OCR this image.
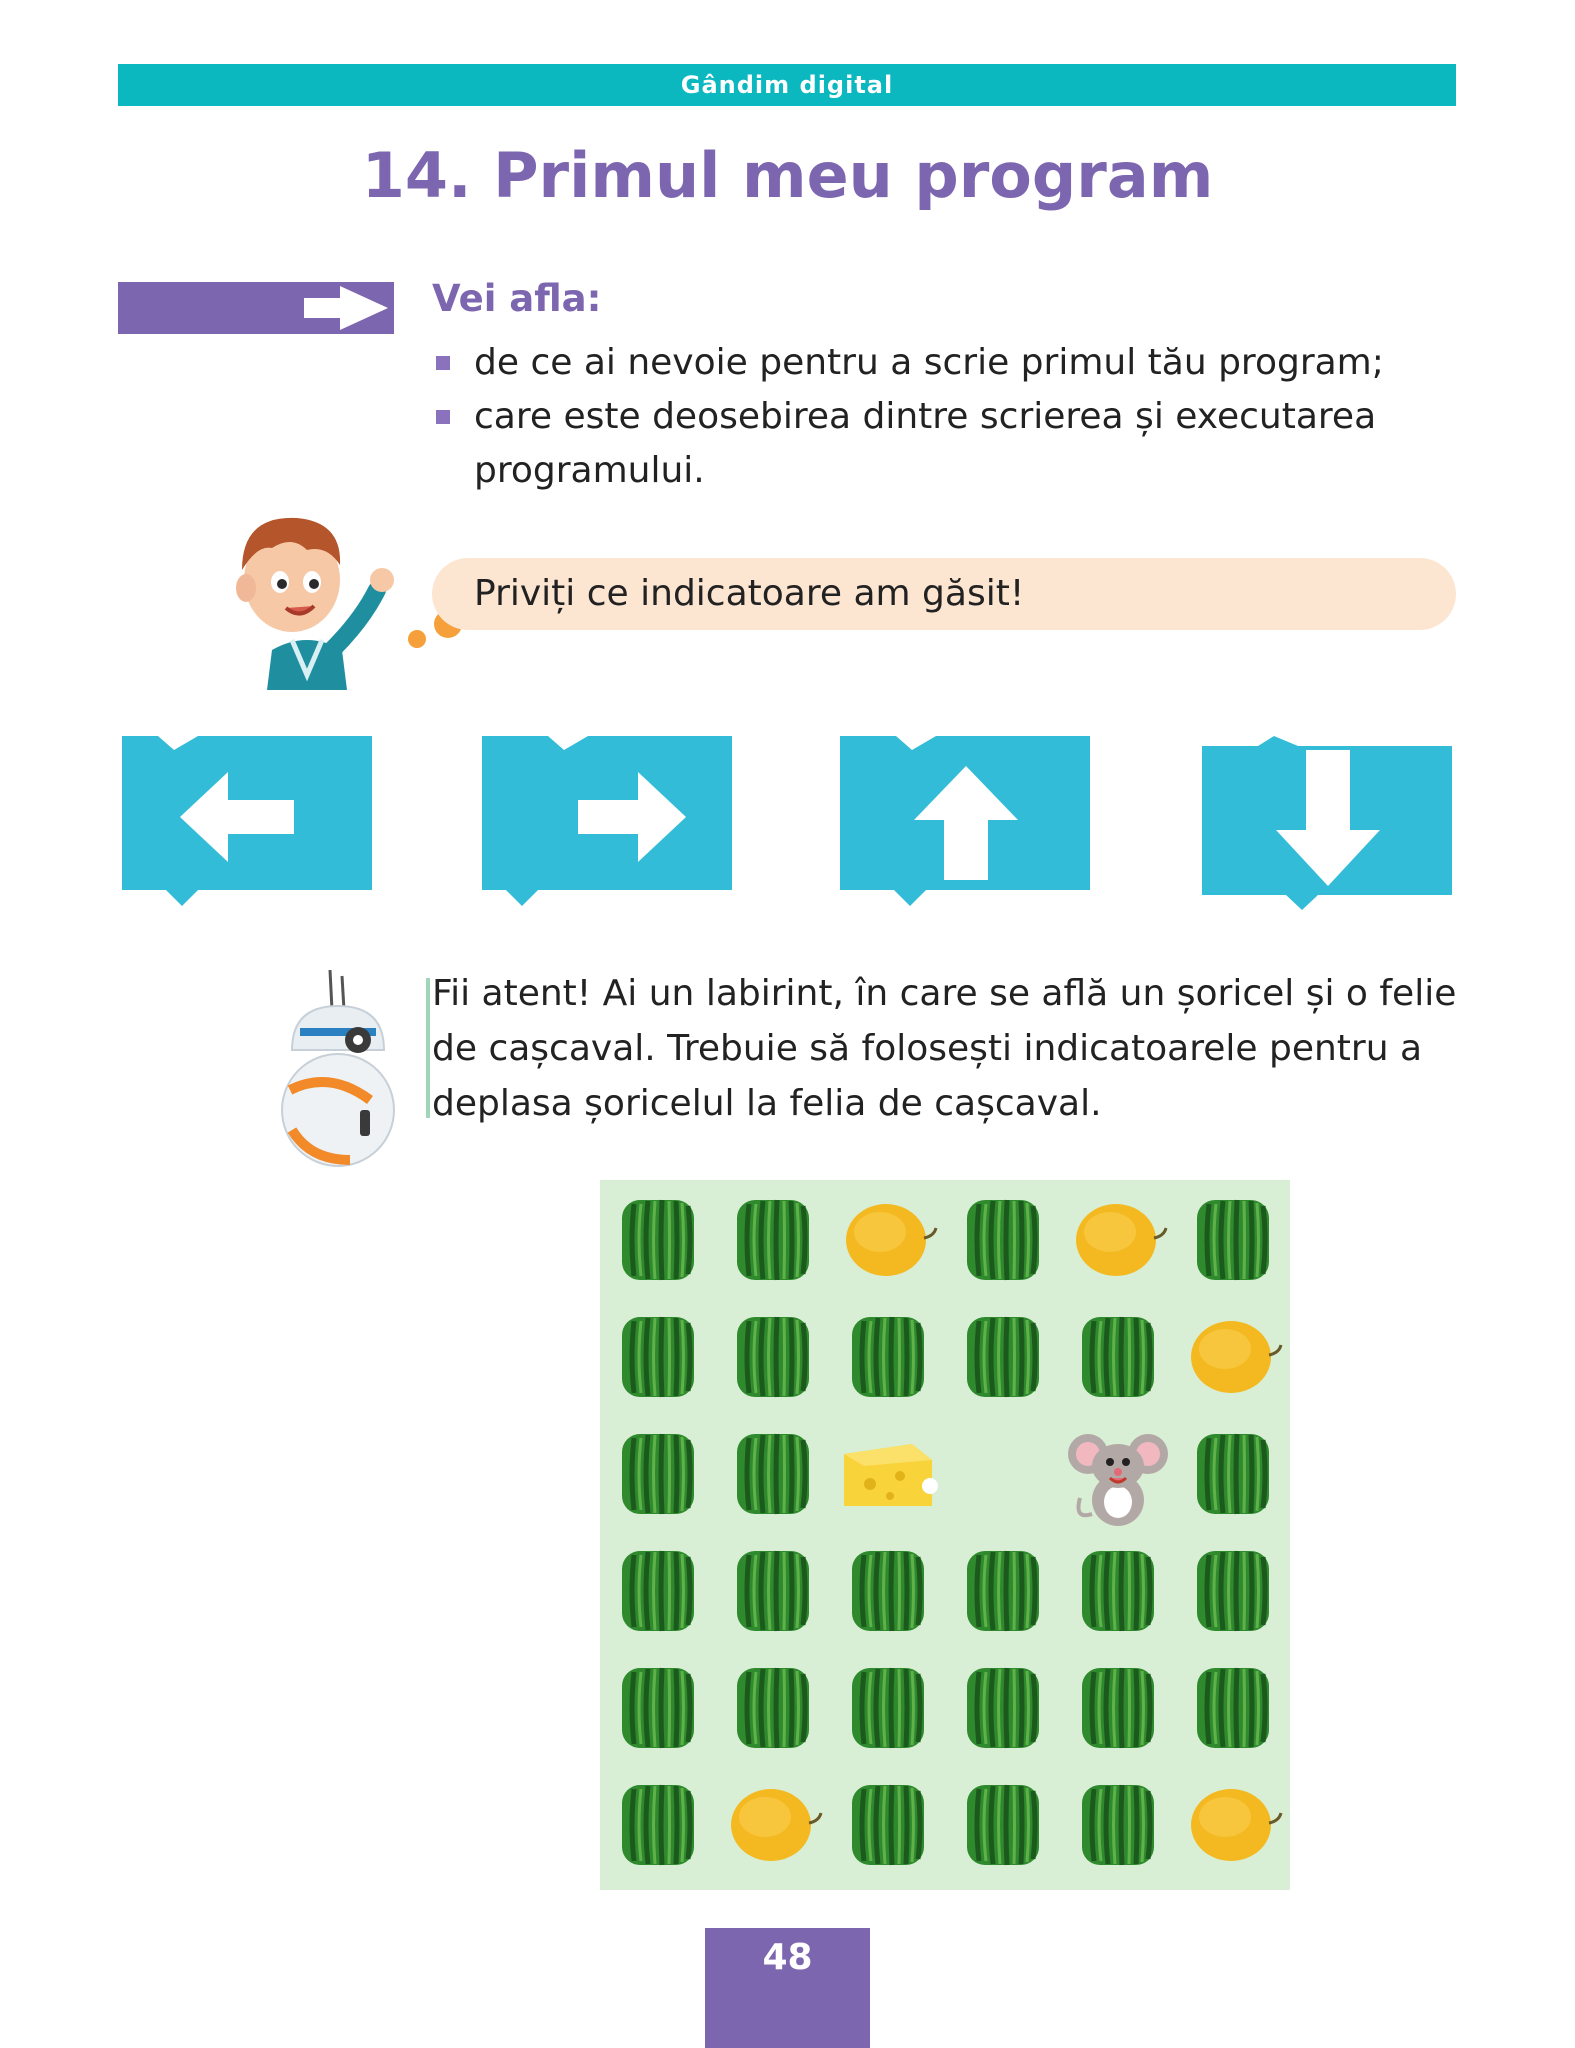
Gândim digital
14. Primul meu program

Vei afla:

de ce ai nevoie pentru a scrie primul tău program;
care este deosebirea dintre scrierea și executarea programului.
Priviți ce indicatoare am găsit!

Fii atent! Ai un labirint, în care se află un șoricel și o felie de cașcaval. Trebuie să folosești indicatoarele pentru a deplasa șoricelul la felia de cașcaval.

48
